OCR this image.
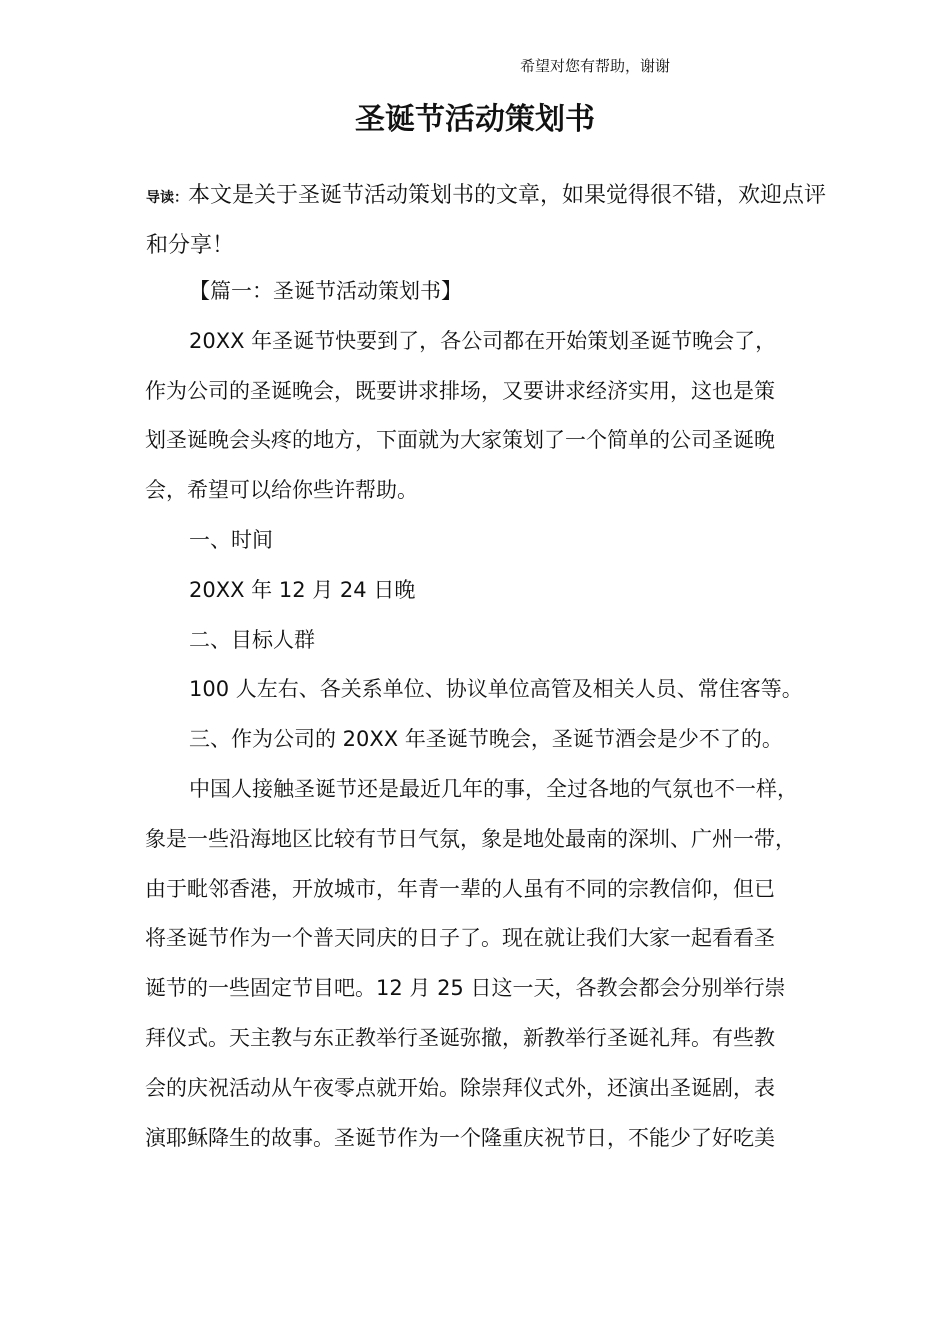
希望对您有帮助，谢谢
圣诞节活动策划书
导读：本文是关于圣诞节活动策划书的文章，如果觉得很不错，欢迎点评和分享！
【篇一：圣诞节活动策划书】
20XX 年圣诞节快要到了，各公司都在开始策划圣诞节晚会了，
作为公司的圣诞晚会，既要讲求排场，又要讲求经济实用，这也是策
划圣诞晚会头疼的地方，下面就为大家策划了一个简单的公司圣诞晚
会，希望可以给你些许帮助。
一、时间
20XX 年 12 月 24 日晚
二、目标人群
100 人左右、各关系单位、协议单位高管及相关人员、常住客等。
三、作为公司的 20XX 年圣诞节晚会，圣诞节酒会是少不了的。
中国人接触圣诞节还是最近几年的事，全过各地的气氛也不一样，
象是一些沿海地区比较有节日气氛，象是地处最南的深圳、广州一带，
由于毗邻香港，开放城市，年青一辈的人虽有不同的宗教信仰，但已
将圣诞节作为一个普天同庆的日子了。现在就让我们大家一起看看圣
诞节的一些固定节目吧。12 月 25 日这一天，各教会都会分别举行崇
拜仪式。天主教与东正教举行圣诞弥撤，新教举行圣诞礼拜。有些教
会的庆祝活动从午夜零点就开始。除崇拜仪式外，还演出圣诞剧，表
演耶稣降生的故事。圣诞节作为一个隆重庆祝节日，不能少了好吃美
